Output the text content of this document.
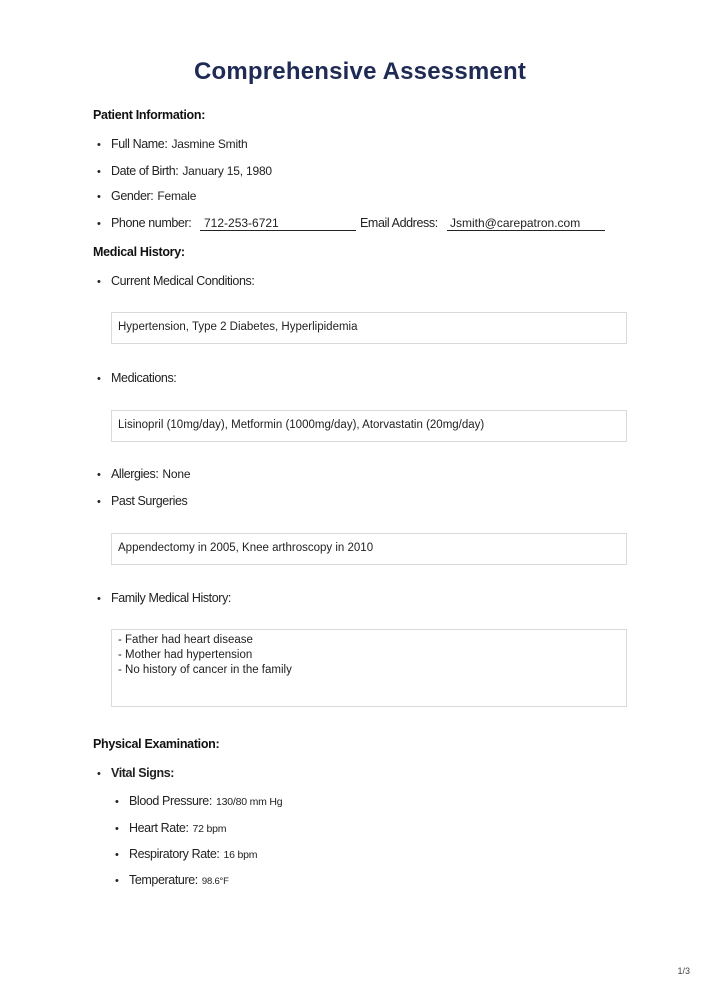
Comprehensive Assessment
Patient Information:
• Full Name: Jasmine Smith
• Date of Birth: January 15, 1980
• Gender: Female
• Phone number:	712-253-6721	Email Address: Jsmith@carepatron.com
Medical History:
• Current Medical Conditions:
Hypertension, Type 2 Diabetes, Hyperlipidemia
• Medications:
Lisinopril (10mg/day), Metformin (1000mg/day), Atorvastatin (20mg/day)
• Allergies: None
• Past Surgeries
Appendectomy in 2005, Knee arthroscopy in 2010
• Family Medical History:
- Father had heart disease
- Mother had hypertension
- No history of cancer in the family
Physical Examination:
• Vital Signs:
• Blood Pressure: 130/80 mm Hg
• Heart Rate: 72 bpm
• Respiratory Rate: 16 bpm
• Temperature: 98.6°F
1/3
